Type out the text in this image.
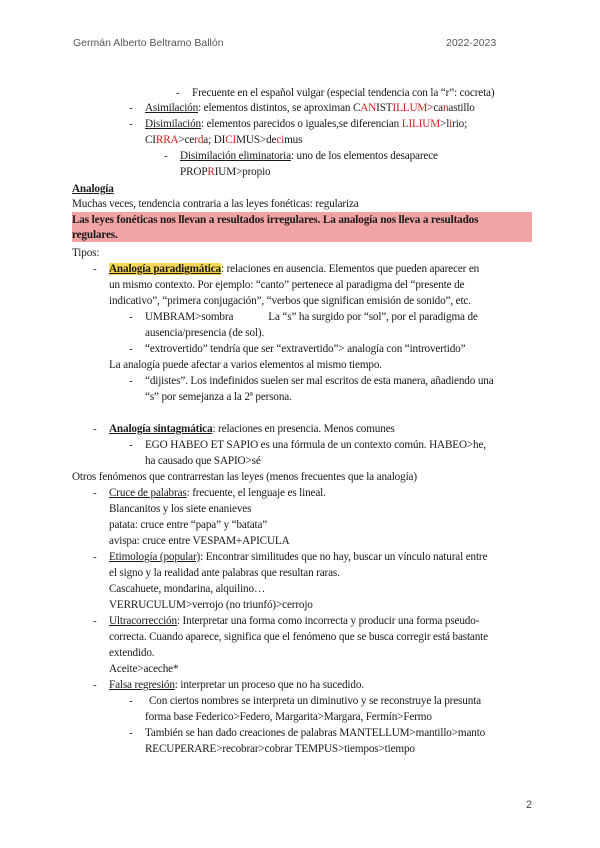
Germán Alberto Beltramo Ballón	2022-2023
- Frecuente en el español vulgar (especial tendencia con la “r”: cocreta)
- Asimilación: elementos distintos, se aproximan CANISTILLUM>canastillo
- Disimilación: elementos parecidos o iguales,se diferencian LILIUM>lirio;
CIRRA>cerda; DICIMUS>decimus
- Disimilación eliminatoria: uno de los elementos desaparece
PROPRIUM>propio
Analogía
Muchas veces, tendencia contraria a las leyes fonéticas: regulariza
Las leyes fonéticas nos llevan a resultados irregulares. La analogía nos lleva a resultados
regulares.
Tipos:
- Analogía paradigmática: relaciones en ausencia. Elementos que pueden aparecer en
un mismo contexto. Por ejemplo: “canto” pertenece al paradigma del “presente de
indicativo”, “primera conjugación”, “verbos que significan emisión de sonido”, etc.
- UMBRAM>sombra	La “s” ha surgido por “sol”, por el paradigma de
ausencia/presencia (de sol).
- “extrovertido” tendría que ser “extravertido”> analogía con “introvertido”
La analogía puede afectar a varios elementos al mismo tiempo.
- “dijistes”. Los indefinidos suelen ser mal escritos de esta manera, añadiendo una
“s” por semejanza a la 2ª persona.
- Analogía sintagmática: relaciones en presencia. Menos comunes
- EGO HABEO ET SAPIO es una fórmula de un contexto común. HABEO>he,
ha causado que SAPIO>sé
Otros fenómenos que contrarrestan las leyes (menos frecuentes que la analogía)
- Cruce de palabras: frecuente, el lenguaje es lineal.
Blancanitos y los siete enanieves
patata: cruce entre “papa” y “batata”
avispa: cruce entre VESPAM+APICULA
- Etimología (popular): Encontrar similitudes que no hay, buscar un vínculo natural entre
el signo y la realidad ante palabras que resultan raras.
Cascahuete, mondarina, alquilino…
VERRUCULUM>verrojo (no triunfó)>cerrojo
- Ultracorrección: Interpretar una forma como incorrecta y producir una forma pseudo-
correcta. Cuando aparece, significa que el fenómeno que se busca corregir está bastante
extendido.
Aceite>aceche*
- Falsa regresión: interpretar un proceso que no ha sucedido.
- Con ciertos nombres se interpreta un diminutivo y se reconstruye la presunta
forma base Federico>Federo, Margarita>Margara, Fermín>Fermo
- También se han dado creaciones de palabras MANTELLUM>mantillo>manto
RECUPERARE>recobrar>cobrar TEMPUS>tiempos>tiempo
2
